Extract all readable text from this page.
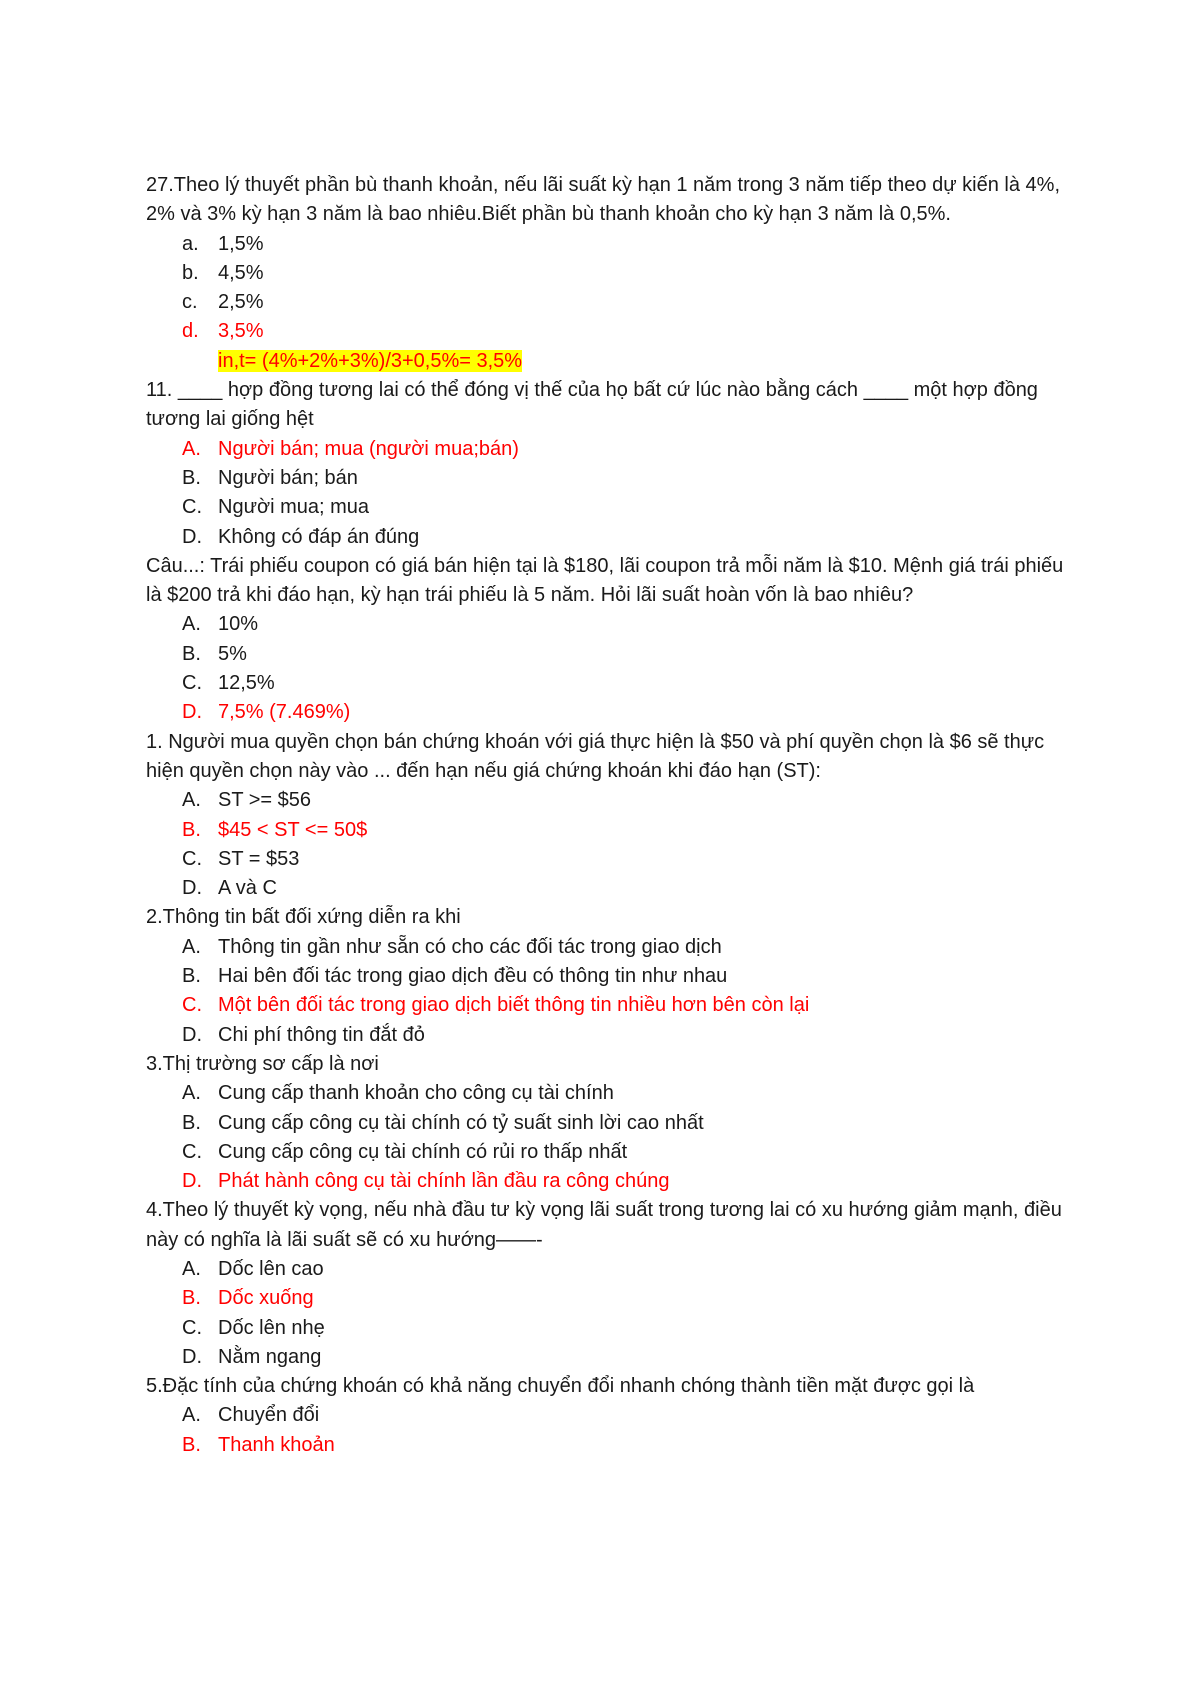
27.Theo lý thuyết phần bù thanh khoản, nếu lãi suất kỳ hạn 1 năm trong 3 năm tiếp theo dự kiến là 4%, 2% và 3% kỳ hạn 3 năm là bao nhiêu.Biết phần bù thanh khoản cho kỳ hạn 3 năm là 0,5%.

a. 1,5%
b. 4,5%
c.	2,5%
d. 3,5%
in,t= (4%+2%+3%)/3+0,5%= 3,5%

11. ____ hợp đồng tương lai có thể đóng vị thế của họ bất cứ lúc nào bằng cách ____ một hợp đồng tương lai giống hệt

A. Người bán; mua (người mua;bán)
B. Người bán; bán
C. Người mua; mua
D. Không có đáp án đúng

Câu...: Trái phiếu coupon có giá bán hiện tại là $180, lãi coupon trả mỗi năm là $10. Mệnh giá trái phiếu là $200 trả khi đáo hạn, kỳ hạn trái phiếu là 5 năm. Hỏi lãi suất hoàn vốn là bao nhiêu?

A. 10%
B. 5%
C. 12,5%
D. 7,5% (7.469%)

1. Người mua quyền chọn bán chứng khoán với giá thực hiện là $50 và phí quyền chọn là $6 sẽ thực hiện quyền chọn này vào ... đến hạn nếu giá chứng khoán khi đáo hạn (ST):

A. ST >= $56
B. $45 < ST <= 50$
C. ST = $53
D. A và C

2.Thông tin bất đối xứng diễn ra khi

A. Thông tin gần như sẵn có cho các đối tác trong giao dịch
B. Hai bên đối tác trong giao dịch đều có thông tin như nhau
C. Một bên đối tác trong giao dịch biết thông tin nhiều hơn bên còn lại
D. Chi phí thông tin đắt đỏ

3.Thị trường sơ cấp là nơi

A. Cung cấp thanh khoản cho công cụ tài chính
B. Cung cấp công cụ tài chính có tỷ suất sinh lời cao nhất
C. Cung cấp công cụ tài chính có rủi ro thấp nhất
D. Phát hành công cụ tài chính lần đầu ra công chúng

4.Theo lý thuyết kỳ vọng, nếu nhà đầu tư kỳ vọng lãi suất trong tương lai có xu hướng giảm mạnh, điều này có nghĩa là lãi suất sẽ có xu hướng——-

A. Dốc lên cao
B. Dốc xuống
C. Dốc lên nhẹ
D. Nằm ngang

5.Đặc tính của chứng khoán có khả năng chuyển đổi nhanh chóng thành tiền mặt được gọi là

A. Chuyển đổi
B. Thanh khoản
